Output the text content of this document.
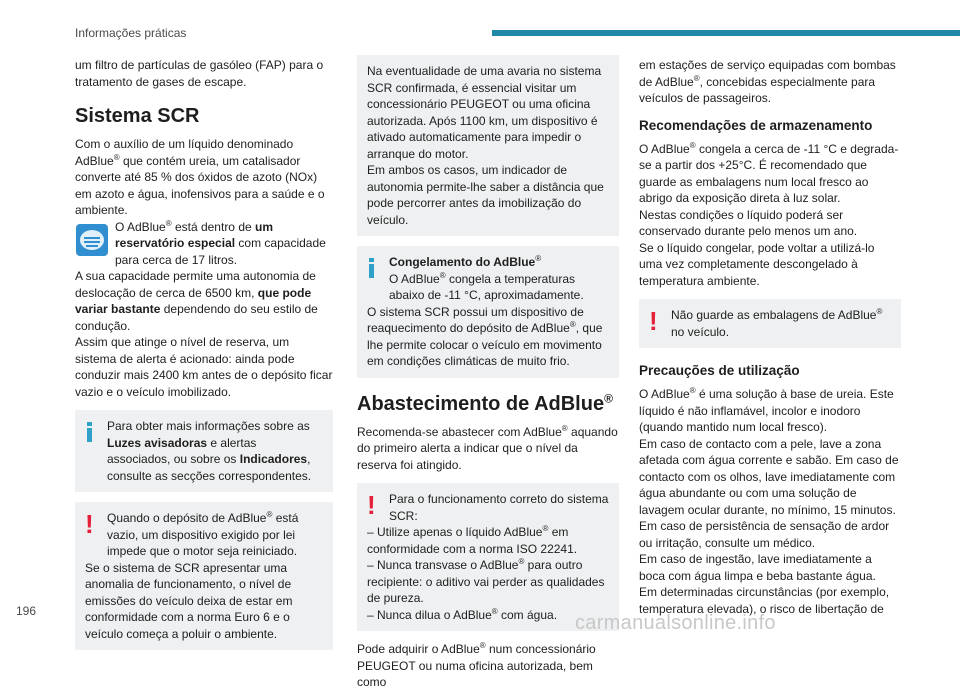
Informações práticas

um filtro de partículas de gasóleo (FAP) para o tratamento de gases de escape.

Sistema SCR

Com o auxílio de um líquido denominado AdBlue® que contém ureia, um catalisador converte até 85 % dos óxidos de azoto (NOx) em azoto e água, inofensivos para a saúde e o ambiente.

O AdBlue® está dentro de um reservatório especial com capacidade para cerca de 17 litros.

A sua capacidade permite uma autonomia de deslocação de cerca de 6500 km, que pode variar bastante dependendo do seu estilo de condução.

Assim que atinge o nível de reserva, um sistema de alerta é acionado: ainda pode conduzir mais 2400 km antes de o depósito ficar vazio e o veículo imobilizado.

Para obter mais informações sobre as Luzes avisadoras e alertas associados, ou sobre os Indicadores, consulte as secções correspondentes.

! Quando o depósito de AdBlue® está vazio, um dispositivo exigido por lei impede que o motor seja reiniciado.

Se o sistema de SCR apresentar uma anomalia de funcionamento, o nível de emissões do veículo deixa de estar em conformidade com a norma Euro 6 e o veículo começa a poluir o ambiente.

Na eventualidade de uma avaria no sistema SCR confirmada, é essencial visitar um concessionário PEUGEOT ou uma oficina autorizada. Após 1100 km, um dispositivo é ativado automaticamente para impedir o arranque do motor.

Em ambos os casos, um indicador de autonomia permite-lhe saber a distância que pode percorrer antes da imobilização do veículo.

Congelamento do AdBlue®

O AdBlue® congela a temperaturas abaixo de -11 °C, aproximadamente.

O sistema SCR possui um dispositivo de reaquecimento do depósito de AdBlue®, que lhe permite colocar o veículo em movimento em condições climáticas de muito frio.

Abastecimento de AdBlue®

Recomenda-se abastecer com AdBlue® aquando do primeiro alerta a indicar que o nível da reserva foi atingido.

! Para o funcionamento correto do sistema SCR:

– Utilize apenas o líquido AdBlue® em conformidade com a norma ISO 22241.

– Nunca transvase o AdBlue® para outro recipiente: o aditivo vai perder as qualidades de pureza.

– Nunca dilua o AdBlue® com água.

Pode adquirir o AdBlue® num concessionário PEUGEOT ou numa oficina autorizada, bem como

em estações de serviço equipadas com bombas de AdBlue®, concebidas especialmente para veículos de passageiros.

Recomendações de armazenamento

O AdBlue® congela a cerca de -11 °C e degrada-se a partir dos +25°C. É recomendado que guarde as embalagens num local fresco ao abrigo da exposição direta à luz solar.

Nestas condições o líquido poderá ser conservado durante pelo menos um ano.

Se o líquido congelar, pode voltar a utilizá-lo uma vez completamente descongelado à temperatura ambiente.

! Não guarde as embalagens de AdBlue® no veículo.

Precauções de utilização

O AdBlue® é uma solução à base de ureia. Este líquido é não inflamável, incolor e inodoro (quando mantido num local fresco).

Em caso de contacto com a pele, lave a zona afetada com água corrente e sabão. Em caso de contacto com os olhos, lave imediatamente com água abundante ou com uma solução de lavagem ocular durante, no mínimo, 15 minutos. Em caso de persistência de sensação de ardor ou irritação, consulte um médico.

Em caso de ingestão, lave imediatamente a boca com água limpa e beba bastante água.

Em determinadas circunstâncias (por exemplo, temperatura elevada), o risco de libertação de

196
carmanualsonline.info
